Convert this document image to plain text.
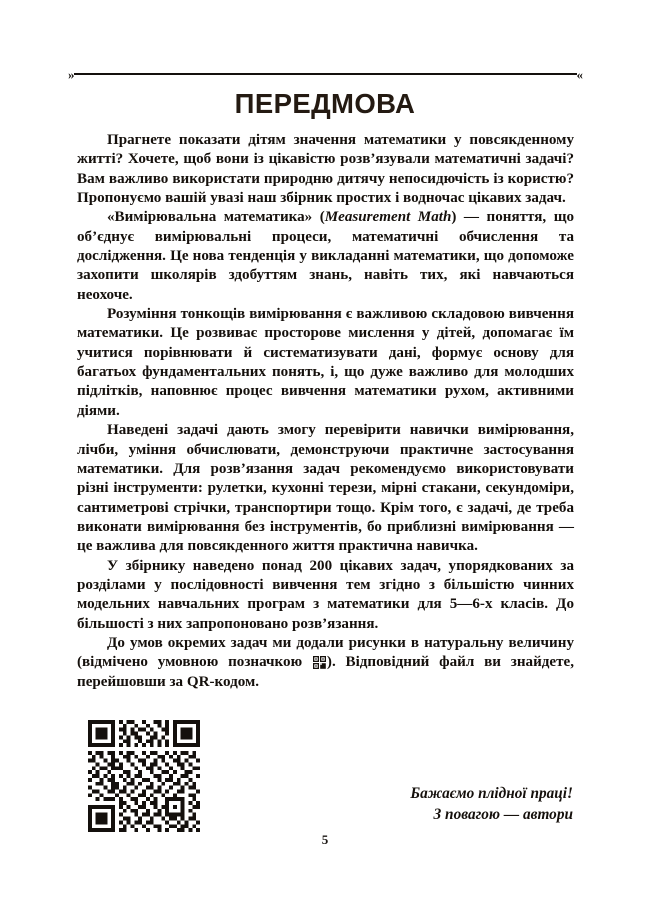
»	«
ПЕРЕДМОВА

Прагнете показати дітям значення математики у повсякденному житті? Хочете, щоб вони із цікавістю розв’язували математичні задачі? Вам важливо використати природню дитячу непосидючість із користю? Пропонуємо вашій увазі наш збірник простих і водночас цікавих задач.

«Вимірювальна математика» (Measurement Math) — поняття, що об’єднує вимірювальні процеси, математичні обчислення та дослідження. Це нова тенденція у викладанні математики, що допоможе захопити школярів здобуттям знань, навіть тих, які навчаються неохоче.

Розуміння тонкощів вимірювання є важливою складовою вивчення математики. Це розвиває просторове мислення у дітей, допомагає їм учитися порівнювати й систематизувати дані, формує основу для багатьох фундаментальних понять, і, що дуже важливо для молодших підлітків, наповнює процес вивчення математики рухом, активними діями.

Наведені задачі дають змогу перевірити навички вимірювання, лічби, уміння обчислювати, демонструючи практичне застосування математики. Для розв’язання задач рекомендуємо використовувати різні інструменти: рулетки, кухонні терези, мірні стакани, секундоміри, сантиметрові стрічки, транспортири тощо. Крім того, є задачі, де треба виконати вимірювання без інструментів, бо приблизні вимірювання — це важлива для повсякденного життя практична навичка.

У збірнику наведено понад 200 цікавих задач, упорядкованих за розділами у послідовності вивчення тем згідно з більшістю чинних модельних навчальних програм з математики для 5—6-х класів. До більшості з них запропоновано розв’язання.

До умов окремих задач ми додали рисунки в натуральну величину (відмічено умовною позначкою
). Відповідний файл ви знайдете, перейшовши за QR-кодом.

Бажаємо плідної праці!
З повагою — автори
5
